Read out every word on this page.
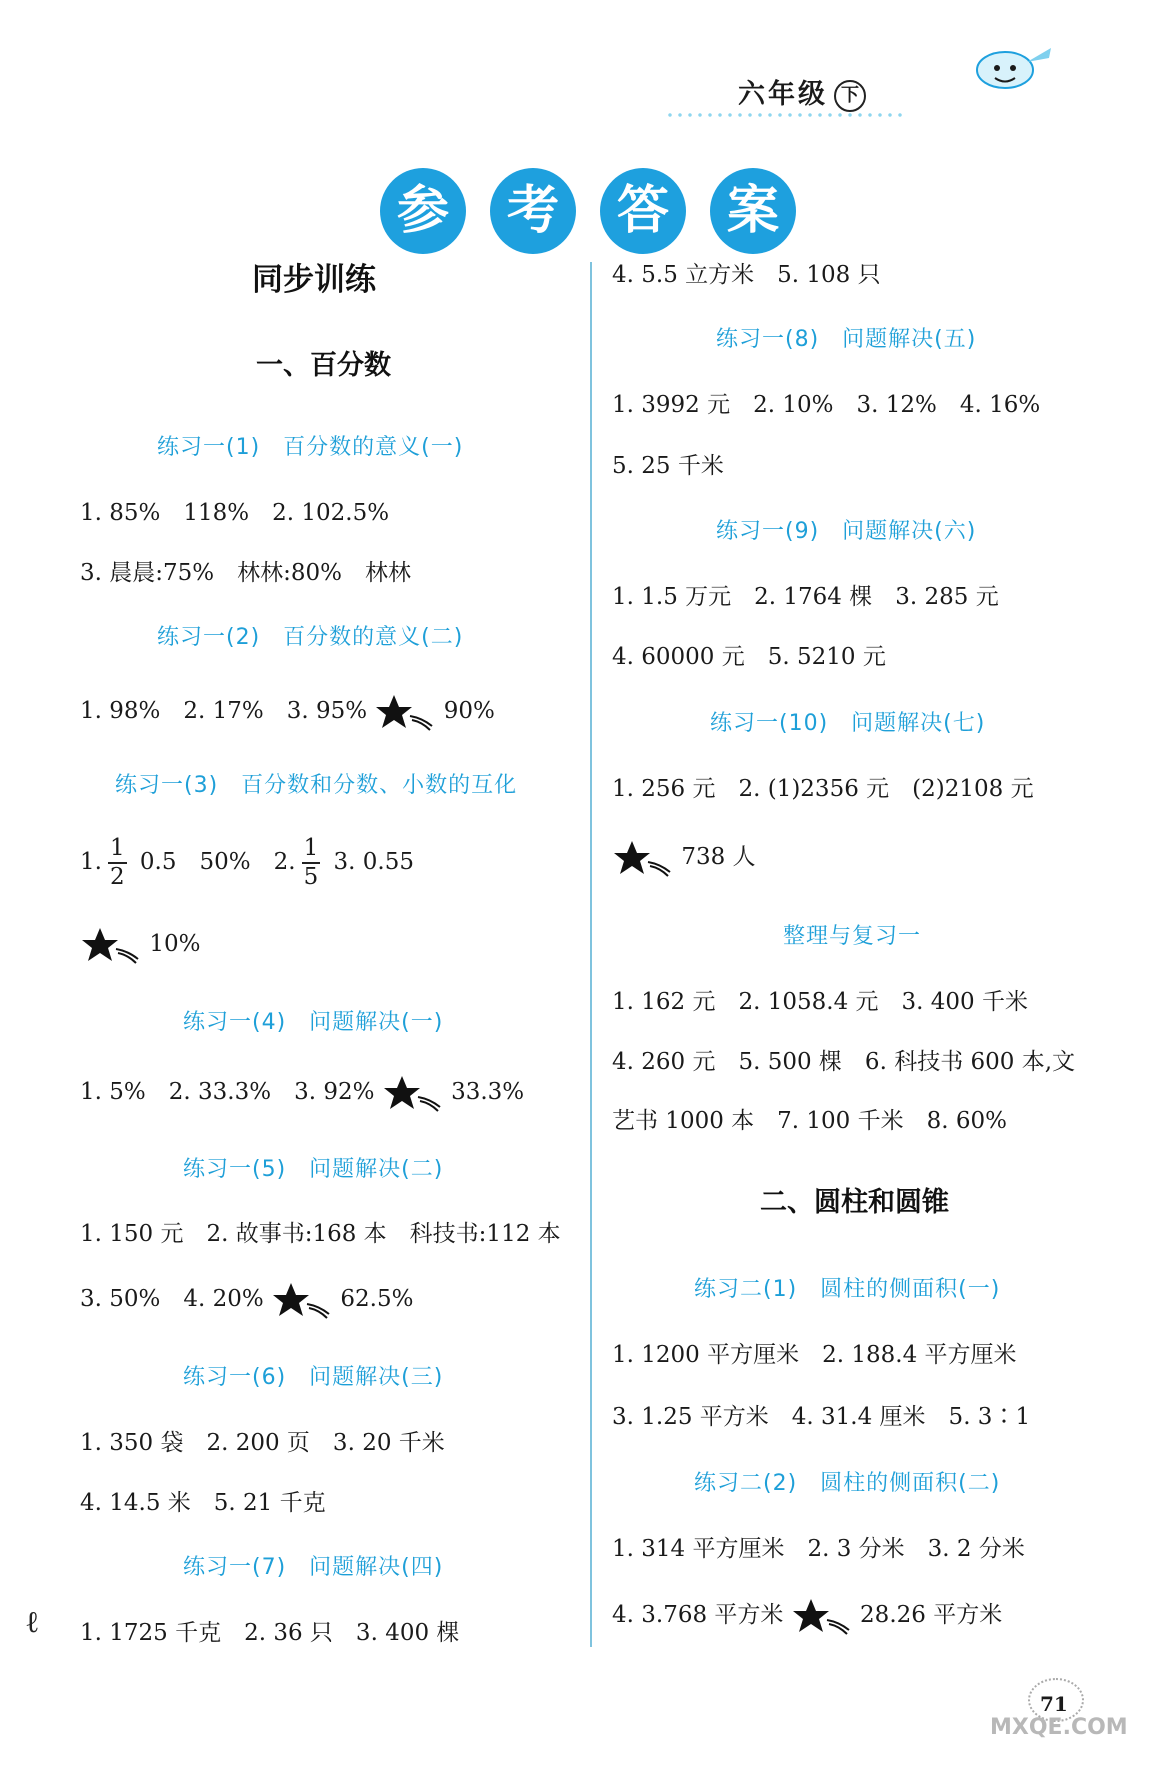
六年级 下
参	考	答	案
同步训练
一、百分数
练习一(1)　百分数的意义(一)
1. 85%　118%　2. 102.5%
3. 晨晨:75%　林林:80%　林林
练习一(2)　百分数的意义(二)
1. 98%　2. 17%　3. 95%	90%
练习一(3)　百分数和分数、小数的互化
1. $\frac{1}{2} 0.5$　50%　2. $\frac{1}{5} 3$. 0.55
10%
练习一(4)　问题解决(一)
1. 5%　2. 33.3%　3. 92%	33.3%
练习一(5)　问题解决(二)
1. 150 元　2. 故事书:168 本　科技书:112 本
3. 50%　4. 20%	62.5%
练习一(6)　问题解决(三)
1. 350 袋　2. 200 页　3. 20 千米
4. 14.5 米　5. 21 千克
练习一(7)　问题解决(四)
1. 1725 千克　2. 36 只　3. 400 棵
4. 5.5 立方米　5. 108 只
练习一(8)　问题解决(五)
1. 3992 元　2. 10%　3. 12%　4. 16%
5. 25 千米
练习一(9)　问题解决(六)
1. 1.5 万元　2. 1764 棵　3. 285 元
4. 60000 元　5. 5210 元
练习一(10)　问题解决(七)
1. 256 元　2. (1)2356 元　(2)2108 元
738 人
整理与复习一
1. 162 元　2. 1058.4 元　3. 400 千米
4. 260 元　5. 500 棵　6. 科技书 600 本,文
艺书 1000 本　7. 100 千米　8. 60%
二、圆柱和圆锥
练习二(1)　圆柱的侧面积(一)
1. 1200 平方厘米　2. 188.4 平方厘米
3. 1.25 平方米　4. 31.4 厘米　5. 3∶1
练习二(2)　圆柱的侧面积(二)
1. 314 平方厘米　2. 3 分米　3. 2 分米
4. 3.768 平方米	28.26 平方米
ℓ
71
MXQE.COM
